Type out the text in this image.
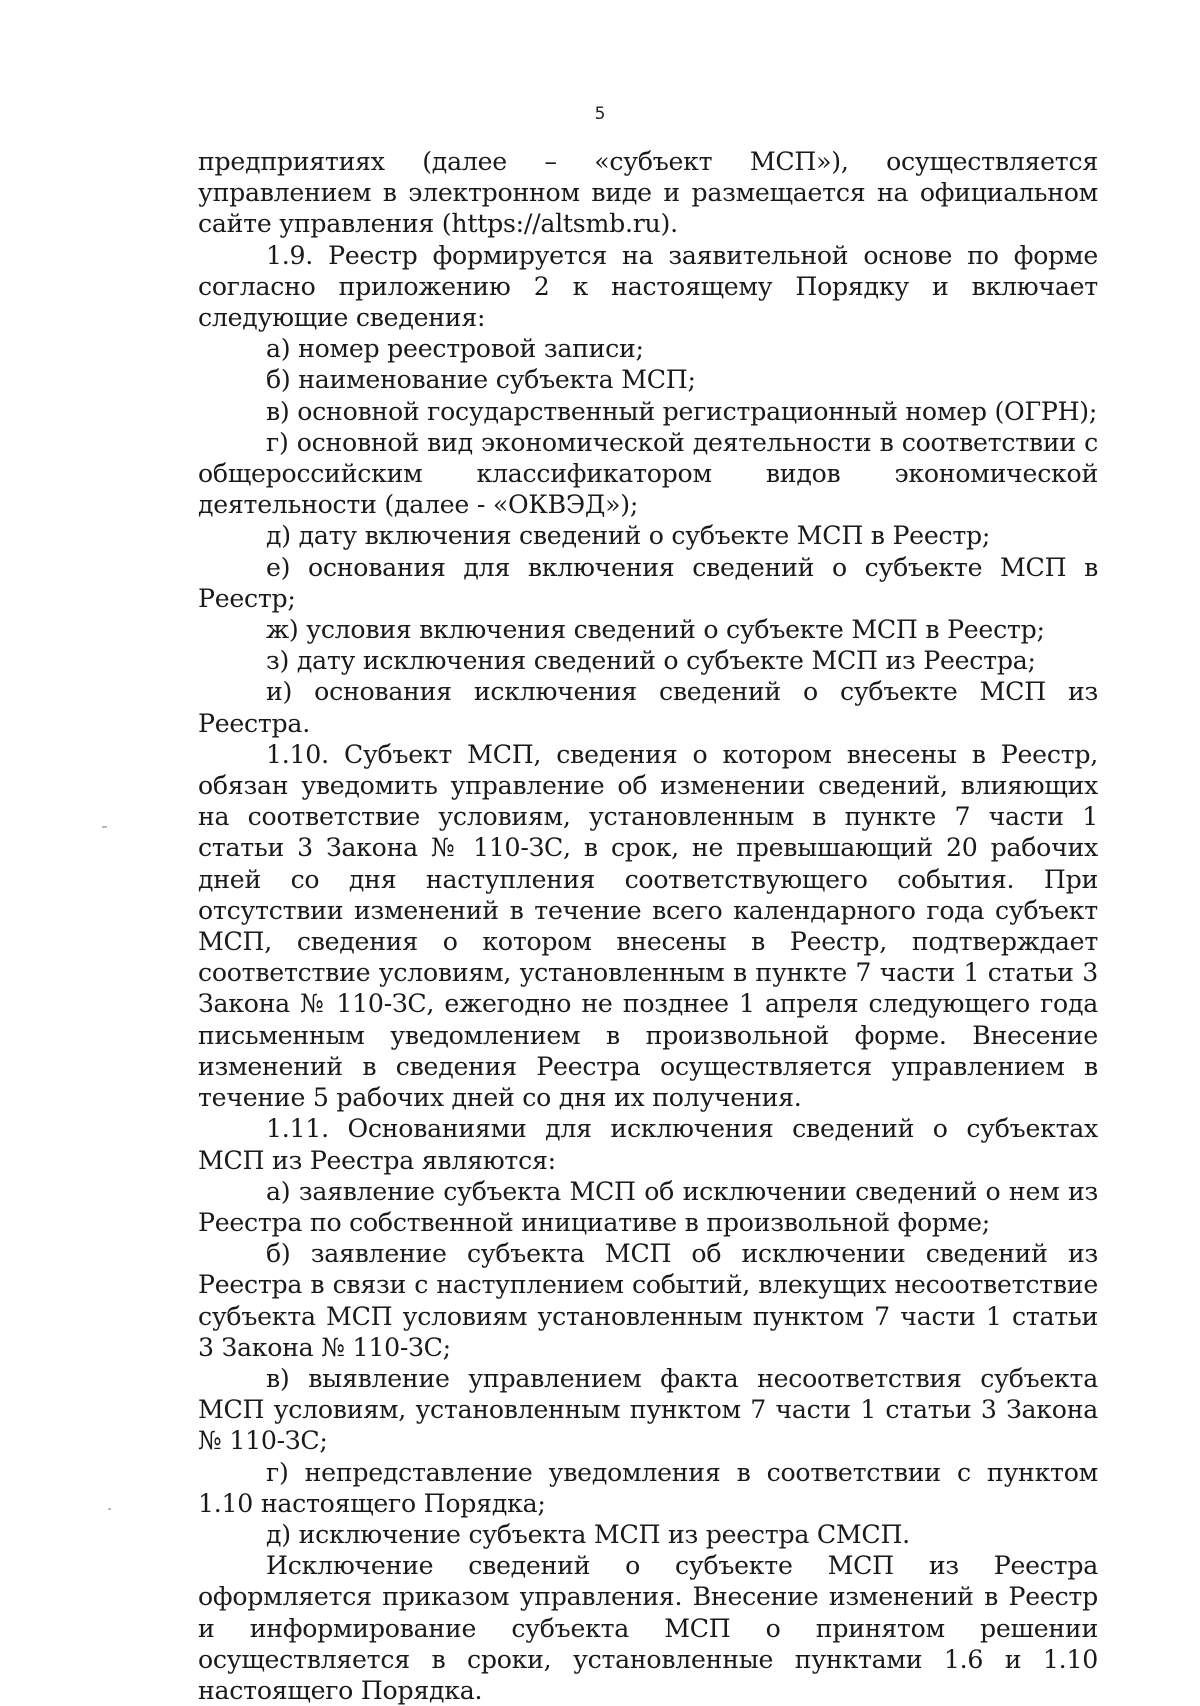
5

предприятиях (далее – «субъект МСП»), осуществляется управлением в электронном виде и размещается на официальном сайте управления (https://altsmb.ru).

1.9. Реестр формируется на заявительной основе по форме согласно приложению 2 к настоящему Порядку и включает следующие сведения:

а) номер реестровой записи;

б) наименование субъекта МСП;

в) основной государственный регистрационный номер (ОГРН);

г) основной вид экономической деятельности в соответствии с общероссийским классификатором видов экономической деятельности (далее - «ОКВЭД»);

д) дату включения сведений о субъекте МСП в Реестр;

е) основания для включения сведений о субъекте МСП в Реестр;

ж) условия включения сведений о субъекте МСП в Реестр;

з) дату исключения сведений о субъекте МСП из Реестра;

и) основания исключения сведений о субъекте МСП из Реестра.

1.10. Субъект МСП, сведения о котором внесены в Реестр, обязан уведомить управление об изменении сведений, влияющих на соответствие условиям, установленным в пункте 7 части 1 статьи 3 Закона № 110-ЗС, в срок, не превышающий 20 рабочих дней со дня наступления соответствующего события. При отсутствии изменений в течение всего календарного года субъект МСП, сведения о котором внесены в Реестр, подтверждает соответствие условиям, установленным в пункте 7 части 1 статьи 3 Закона № 110-ЗС, ежегодно не позднее 1 апреля следующего года письменным уведомлением в произвольной форме. Внесение изменений в сведения Реестра осуществляется управлением в течение 5 рабочих дней со дня их получения.

1.11. Основаниями для исключения сведений о субъектах МСП из Реестра являются:

а) заявление субъекта МСП об исключении сведений о нем из Реестра по собственной инициативе в произвольной форме;

б) заявление субъекта МСП об исключении сведений из Реестра в связи с наступлением событий, влекущих несоответствие субъекта МСП условиям установленным пунктом 7 части 1 статьи 3 Закона № 110-ЗС;

в) выявление управлением факта несоответствия субъекта МСП условиям, установленным пунктом 7 части 1 статьи 3 Закона № 110-ЗС;

г) непредставление уведомления в соответствии с пунктом 1.10 настоящего Порядка;

д) исключение субъекта МСП из реестра СМСП.

Исключение сведений о субъекте МСП из Реестра оформляется приказом управления. Внесение изменений в Реестр и информирование субъекта МСП о принятом решении осуществляется в сроки, установленные пунктами 1.6 и 1.10 настоящего Порядка.
